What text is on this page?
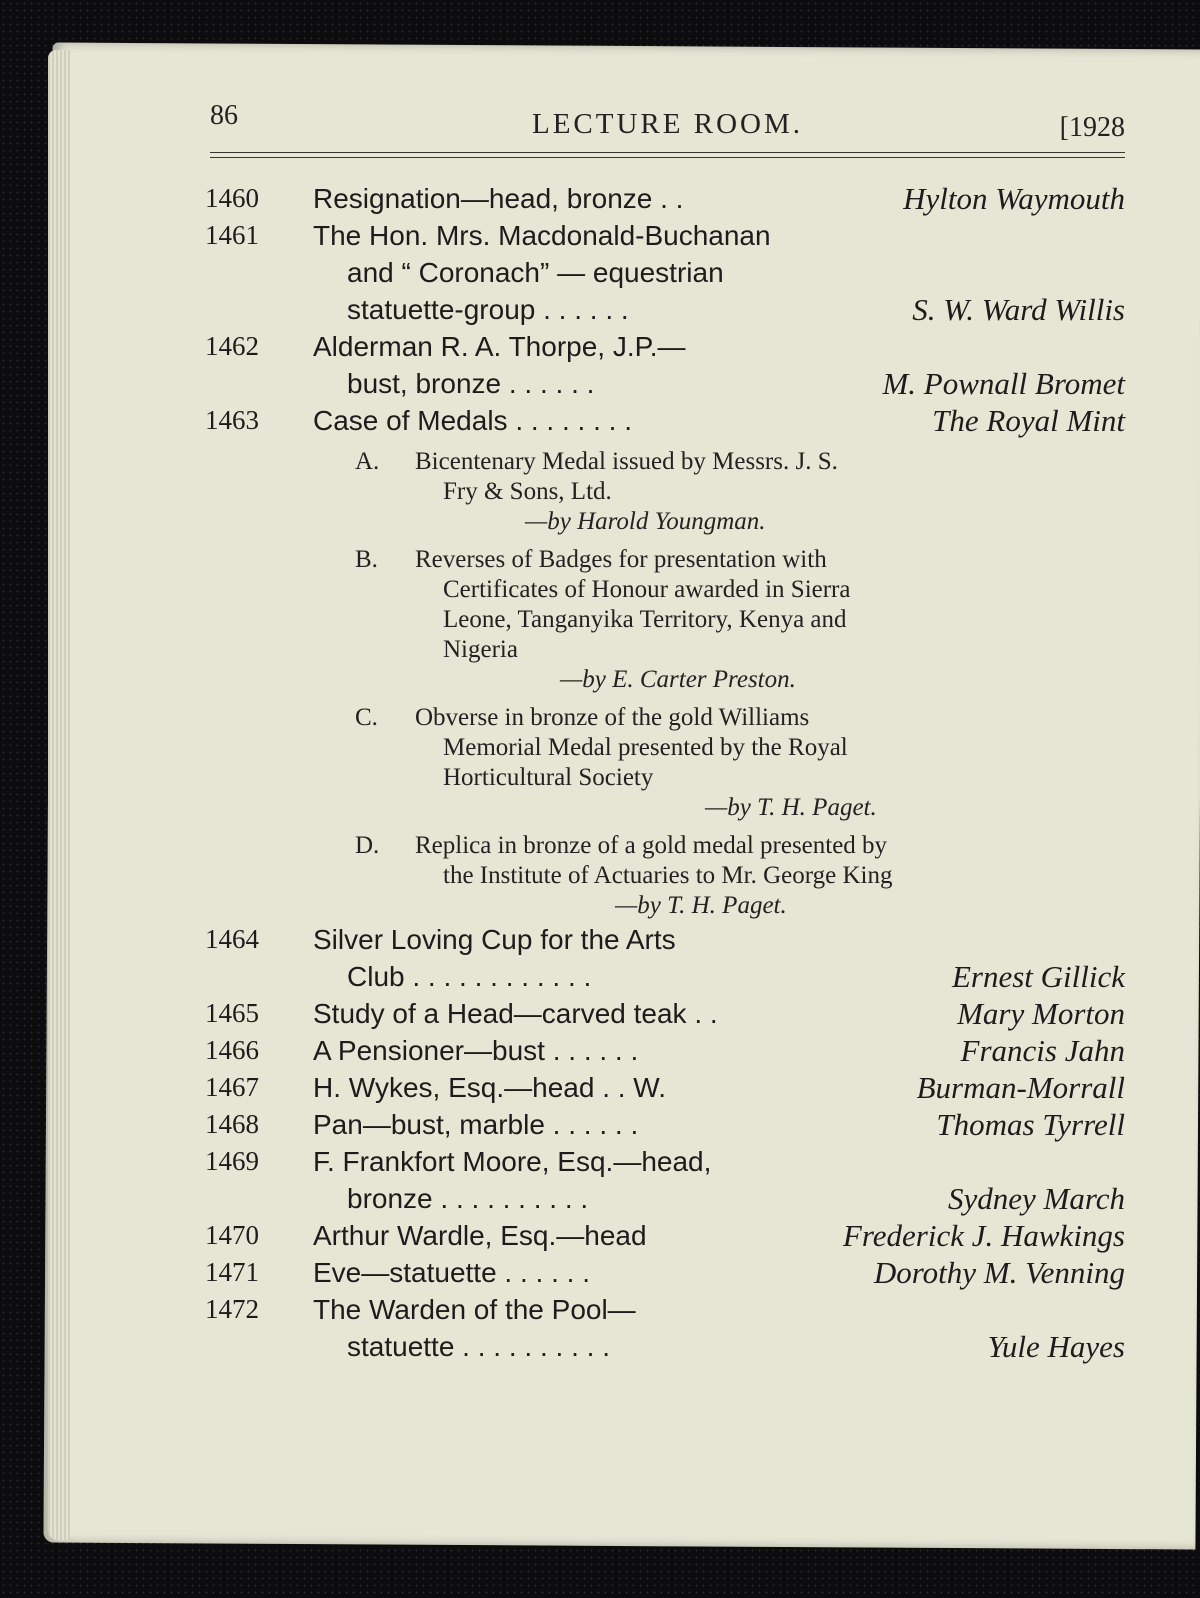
86	LECTURE ROOM.	[1928
1460 Resignation—head, bronze . .	Hylton Waymouth
1461 The Hon. Mrs. Macdonald-Buchanan
and “ Coronach” — equestrian
statuette-group . . . . . .	S. W. Ward Willis
1462 Alderman R. A. Thorpe, J.P.—
bust, bronze . . . . . .	M. Pownall Bromet
1463 Case of Medals . . . . . . . .	The Royal Mint
A. Bicentenary Medal issued by Messrs. J. S.
Fry & Sons, Ltd.
—by Harold Youngman.
B. Reverses of Badges for presentation with
Certificates of Honour awarded in Sierra
Leone, Tanganyika Territory, Kenya and
Nigeria
—by E. Carter Preston.
C. Obverse in bronze of the gold Williams
Memorial Medal presented by the Royal
Horticultural Society
—by T. H. Paget.
D. Replica in bronze of a gold medal presented by
the Institute of Actuaries to Mr. George King
—by T. H. Paget.
1464 Silver Loving Cup for the Arts
Club . . . . . . . . . . . .	Ernest Gillick
1465 Study of a Head—carved teak . .	Mary Morton
1466 A Pensioner—bust . . . . . .	Francis Jahn
1467 H. Wykes, Esq.—head . . W.	Burman-Morrall
1468 Pan—bust, marble . . . . . .	Thomas Tyrrell
1469 F. Frankfort Moore, Esq.—head,
bronze . . . . . . . . . .	Sydney March
1470 Arthur Wardle, Esq.—head	Frederick J. Hawkings
1471 Eve—statuette . . . . . .	Dorothy M. Venning
1472 The Warden of the Pool—
statuette . . . . . . . . . .	Yule Hayes
